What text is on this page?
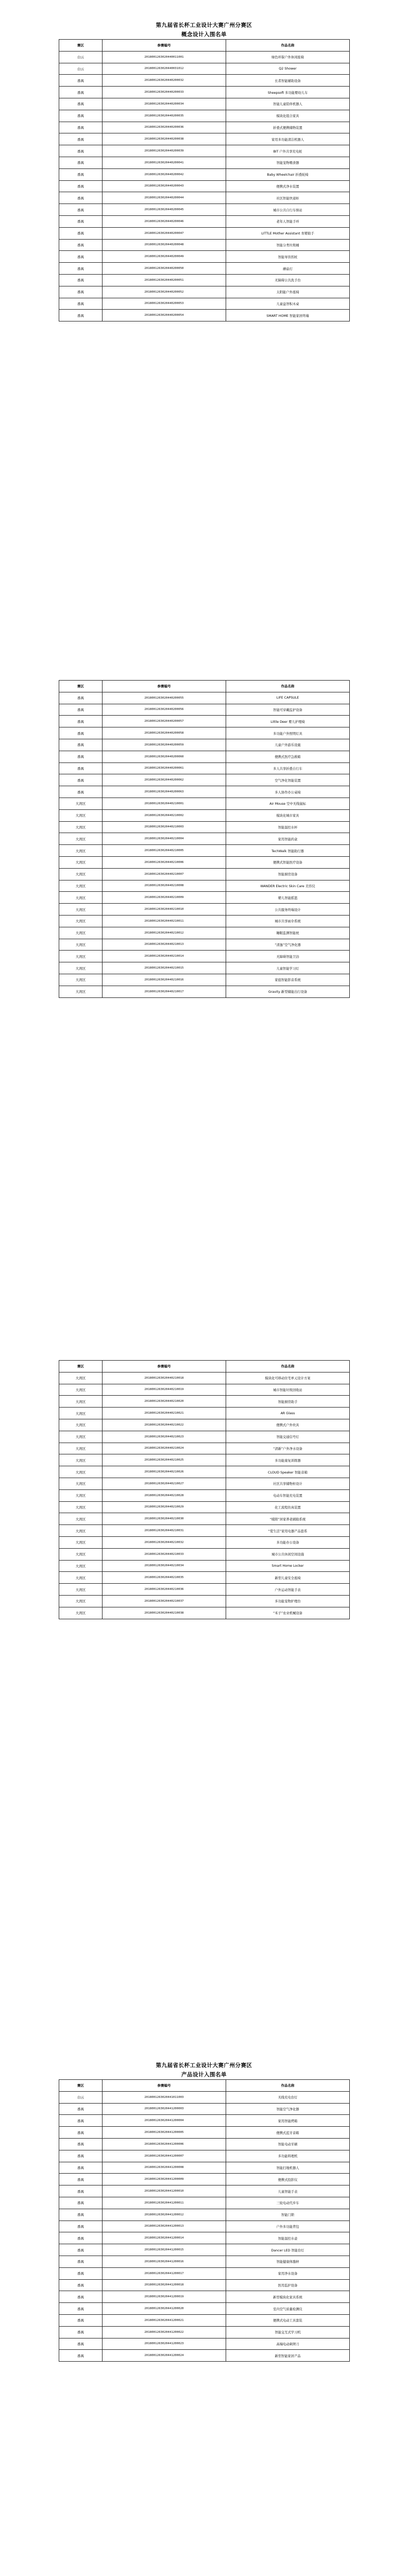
第九届省长杯工业设计大赛广州分赛区
概念设计入围名单
赛区	参赛编号	作品名称
白云	2018001263020440011001	绿色环保户外休闲座椅
白云	2018001263020440031012	Q2 Shower
番禺	2018001263020440200032	长者智能辅助设备
番禺	2018001263020440200033	Sheepsoft 多功能婴幼儿车
番禺	2018001263020440200034	智能儿童陪伴机器人
番禺	2018001263020440200035	模块化组合家具
番禺	2018001263020440200036	折叠式便携储物装置
番禺	2018001263020440200038	家用多功能清洁机器人
番禺	2018001263020440200039	BIT 户外共享充电桩
番禺	2018001263020440200041	智能宠物喂食器
番禺	2018001263020440200042	Baby Wheelchair 折叠轮椅
番禺	2018001263020440200043	便携式净水装置
番禺	2018001263020440200044	社区智能快递柜
番禺	2018001263020440200045	城市公共自行车驿站
番禺	2018001263020440200046	老年人智能手环
番禺	2018001263020440200047	LITTLE Mother Assistant 育婴助手
番禺	2018001263020440200048	智能分类垃圾桶
番禺	2018001263020440200049	智能导盲拐杖
番禺	2018001263020440200050	蘑菇灯
番禺	2018001263020440200051	无障碍公共洗手台
番禺	2018001263020440200052	太阳能户外座椅
番禺	2018001263020440200053	儿童益智积木桌
番禺	2018001263020440200054	SMART HOME 智能家居终端
赛区	参赛编号	作品名称
番禺	2018001263020440200055	LIFE CAPSULE
番禺	2018001263020440200056	智能可穿戴监护设备
番禺	2018001263020440200057	Little Deer 婴儿护理椅
番禺	2018001263020440200058	多功能户外照明灯具
番禺	2018001263020440200059	儿童户外游乐设施
番禺	2018001263020440200060	便携式医疗急救箱
番禺	2018001263020440200061	多人共享折叠自行车
番禺	2018001263020440200062	空气净化智能装置
番禺	2018001263020440200063	多人协作办公桌椅
大湾区	2018001263020440210001	Air Mouse 空中无线鼠标
大湾区	2018001263020440210002	模块化城市家具
大湾区	2018001263020440210003	智能温控水杯
大湾区	2018001263020440210004	家用智能药盒
大湾区	2018001263020440210005	TechWalk 智能助行器
大湾区	2018001263020440210006	便携式智能医疗设备
大湾区	2018001263020440210007	智能厨房设备
大湾区	2018001263020440210008	WANDER Electric Skin Care 美容仪
大湾区	2018001263020440210009	婴儿智能摇篮
大湾区	2018001263020440210010	公共服务终端设计
大湾区	2018001263020440210011	城市共享雨伞系统
大湾区	2018001263020440210012	睡眠监测智能枕
大湾区	2018001263020440210013	“清逸”空气净化器
大湾区	2018001263020440210014	无障碍智能卫浴
大湾区	2018001263020440210015	儿童智能学习灯
大湾区	2018001263020440210016	家庭智能影音系统
大湾区	2018001263020440210017	Gravity 新型储能出行设备
赛区	参赛编号	作品名称
大湾区	2018001263020440210018	模块化可移动住宅单元设计方案
大湾区	2018001263020440210019	城市智能垃圾回收站
大湾区	2018001263020440210020	智能厨房助手
大湾区	2018001263020440210021	AR Glass
大湾区	2018001263020440210022	便携式户外炊具
大湾区	2018001263020440210023	智能交通信号灯
大湾区	2018001263020440210024	“清新”户外净水设备
大湾区	2018001263020440210025	多功能康复训练器
大湾区	2018001263020440210026	CLOUD Speaker 智能音箱
大湾区	2018001263020440210027	社区共享储物柜设计
大湾区	2018001263020440210028	电动车智能充电装置
大湾区	2018001263020440210029	化工流程仿真装置
大湾区	2018001263020440210030	“暖阳”居家养老辅助系统
大湾区	2018001263020440210031	“爱生活”家用电器产品套系
大湾区	2018001263020440210032	多功能办公设备
大湾区	2018001263020440210033	城市公共休闲空间设施
大湾区	2018001263020440210034	Smart Home Locker
大湾区	2018001263020440210035	新型儿童安全座椅
大湾区	2018001263020440210036	户外运动智能手表
大湾区	2018001263020440210037	多功能宠物护理台
大湾区	2018001263020440210038	“禾子”农业机械设备
第九届省长杯工业设计大赛广州分赛区
产品设计入围名单
赛区	参赛编号	作品名称
白云	2018001263020441011003	无线充电台灯
番禺	2018001263020441200003	智能空气净化器
番禺	2018001263020441200004	家用智能烤箱
番禺	2018001263020441200005	便携式蓝牙音箱
番禺	2018001263020441200006	智能电动牙刷
番禺	2018001263020441200007	多功能料理机
番禺	2018001263020441200008	智能扫地机器人
番禺	2018001263020441200009	便携式投影仪
番禺	2018001263020441200010	儿童智能手表
番禺	2018001263020441200011	三轮电动代步车
番禺	2018001263020441200012	智能门锁
番禺	2018001263020441200013	户外多功能背包
番禺	2018001263020441200014	智能温控水壶
番禺	2018001263020441200015	Dancer LED 智能台灯
番禺	2018001263020441200016	智能健康体脂秤
番禺	2018001263020441200017	家用净水设备
番禺	2018001263020441200018	医用监护设备
番禺	2018001263020441200019	新型模块化家具系统
番禺	2018001263020441200020	室内空气质量检测仪
番禺	2018001263020441200021	便携式电动工具套装
番禺	2018001263020441200022	智能交互式学习机
番禺	2018001263020441200023	高端电动剃须刀
番禺	2018001263020441200024	新型智能家居产品
